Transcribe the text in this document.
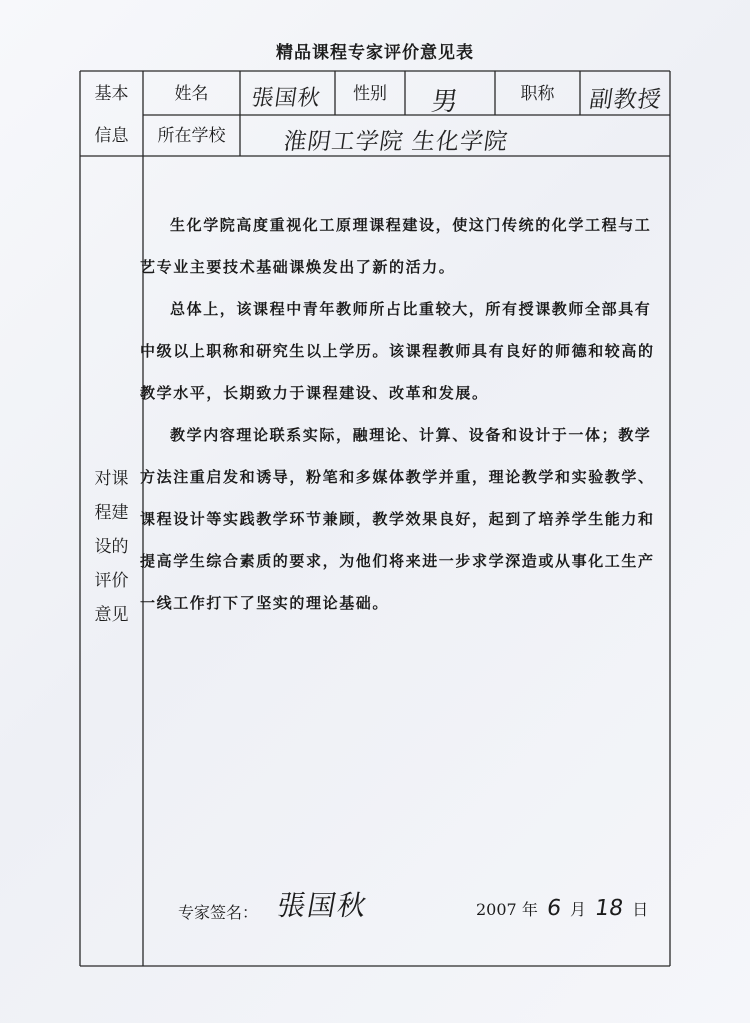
精品课程专家评价意见表
基本
信息
姓名	張国秋	性别	男	职称	副教授
所在学校	淮阴工学院 生化学院
对课
程建
设的
评价
意见

生化学院高度重视化工原理课程建设，使这门传统的化学工程与工艺专业主要技术基础课焕发出了新的活力。

总体上，该课程中青年教师所占比重较大，所有授课教师全部具有中级以上职称和研究生以上学历。该课程教师具有良好的师德和较高的教学水平，长期致力于课程建设、改革和发展。

教学内容理论联系实际，融理论、计算、设备和设计于一体；教学方法注重启发和诱导，粉笔和多媒体教学并重，理论教学和实验教学、课程设计等实践教学环节兼顾，教学效果良好，起到了培养学生能力和提高学生综合素质的要求，为他们将来进一步求学深造或从事化工生产一线工作打下了坚实的理论基础。

专家签名： 張国秋	2007 年 6 月 18 日
